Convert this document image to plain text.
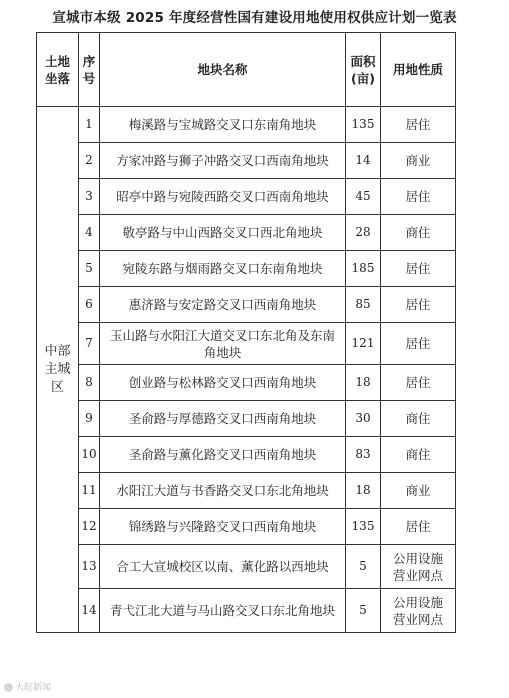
宣城市本级 2025 年度经营性国有建设用地使用权供应计划一览表
土地坐落	序号	地块名称	面积(亩)	用地性质
中部主城区	1	梅溪路与宝城路交叉口东南角地块	135	居住
	2	方家冲路与狮子冲路交叉口西南角地块	14	商业
	3	昭亭中路与宛陵西路交叉口西南角地块	45	居住
	4	敬亭路与中山西路交叉口西北角地块	28	商住
	5	宛陵东路与烟雨路交叉口东南角地块	185	居住
	6	惠济路与安定路交叉口西南角地块	85	居住
	7	玉山路与水阳江大道交叉口东北角及东南角地块	121	居住
	8	创业路与松林路交叉口西南角地块	18	居住
	9	圣俞路与厚德路交叉口西南角地块	30	商住
	10	圣俞路与薰化路交叉口西南角地块	83	商住
	11	水阳江大道与书香路交叉口东北角地块	18	商业
	12	锦绣路与兴隆路交叉口西南角地块	135	居住
	13	合工大宣城校区以南、薰化路以西地块	5	公用设施营业网点
	14	青弋江北大道与马山路交叉口东北角地块	5	公用设施营业网点
大皖新闻
